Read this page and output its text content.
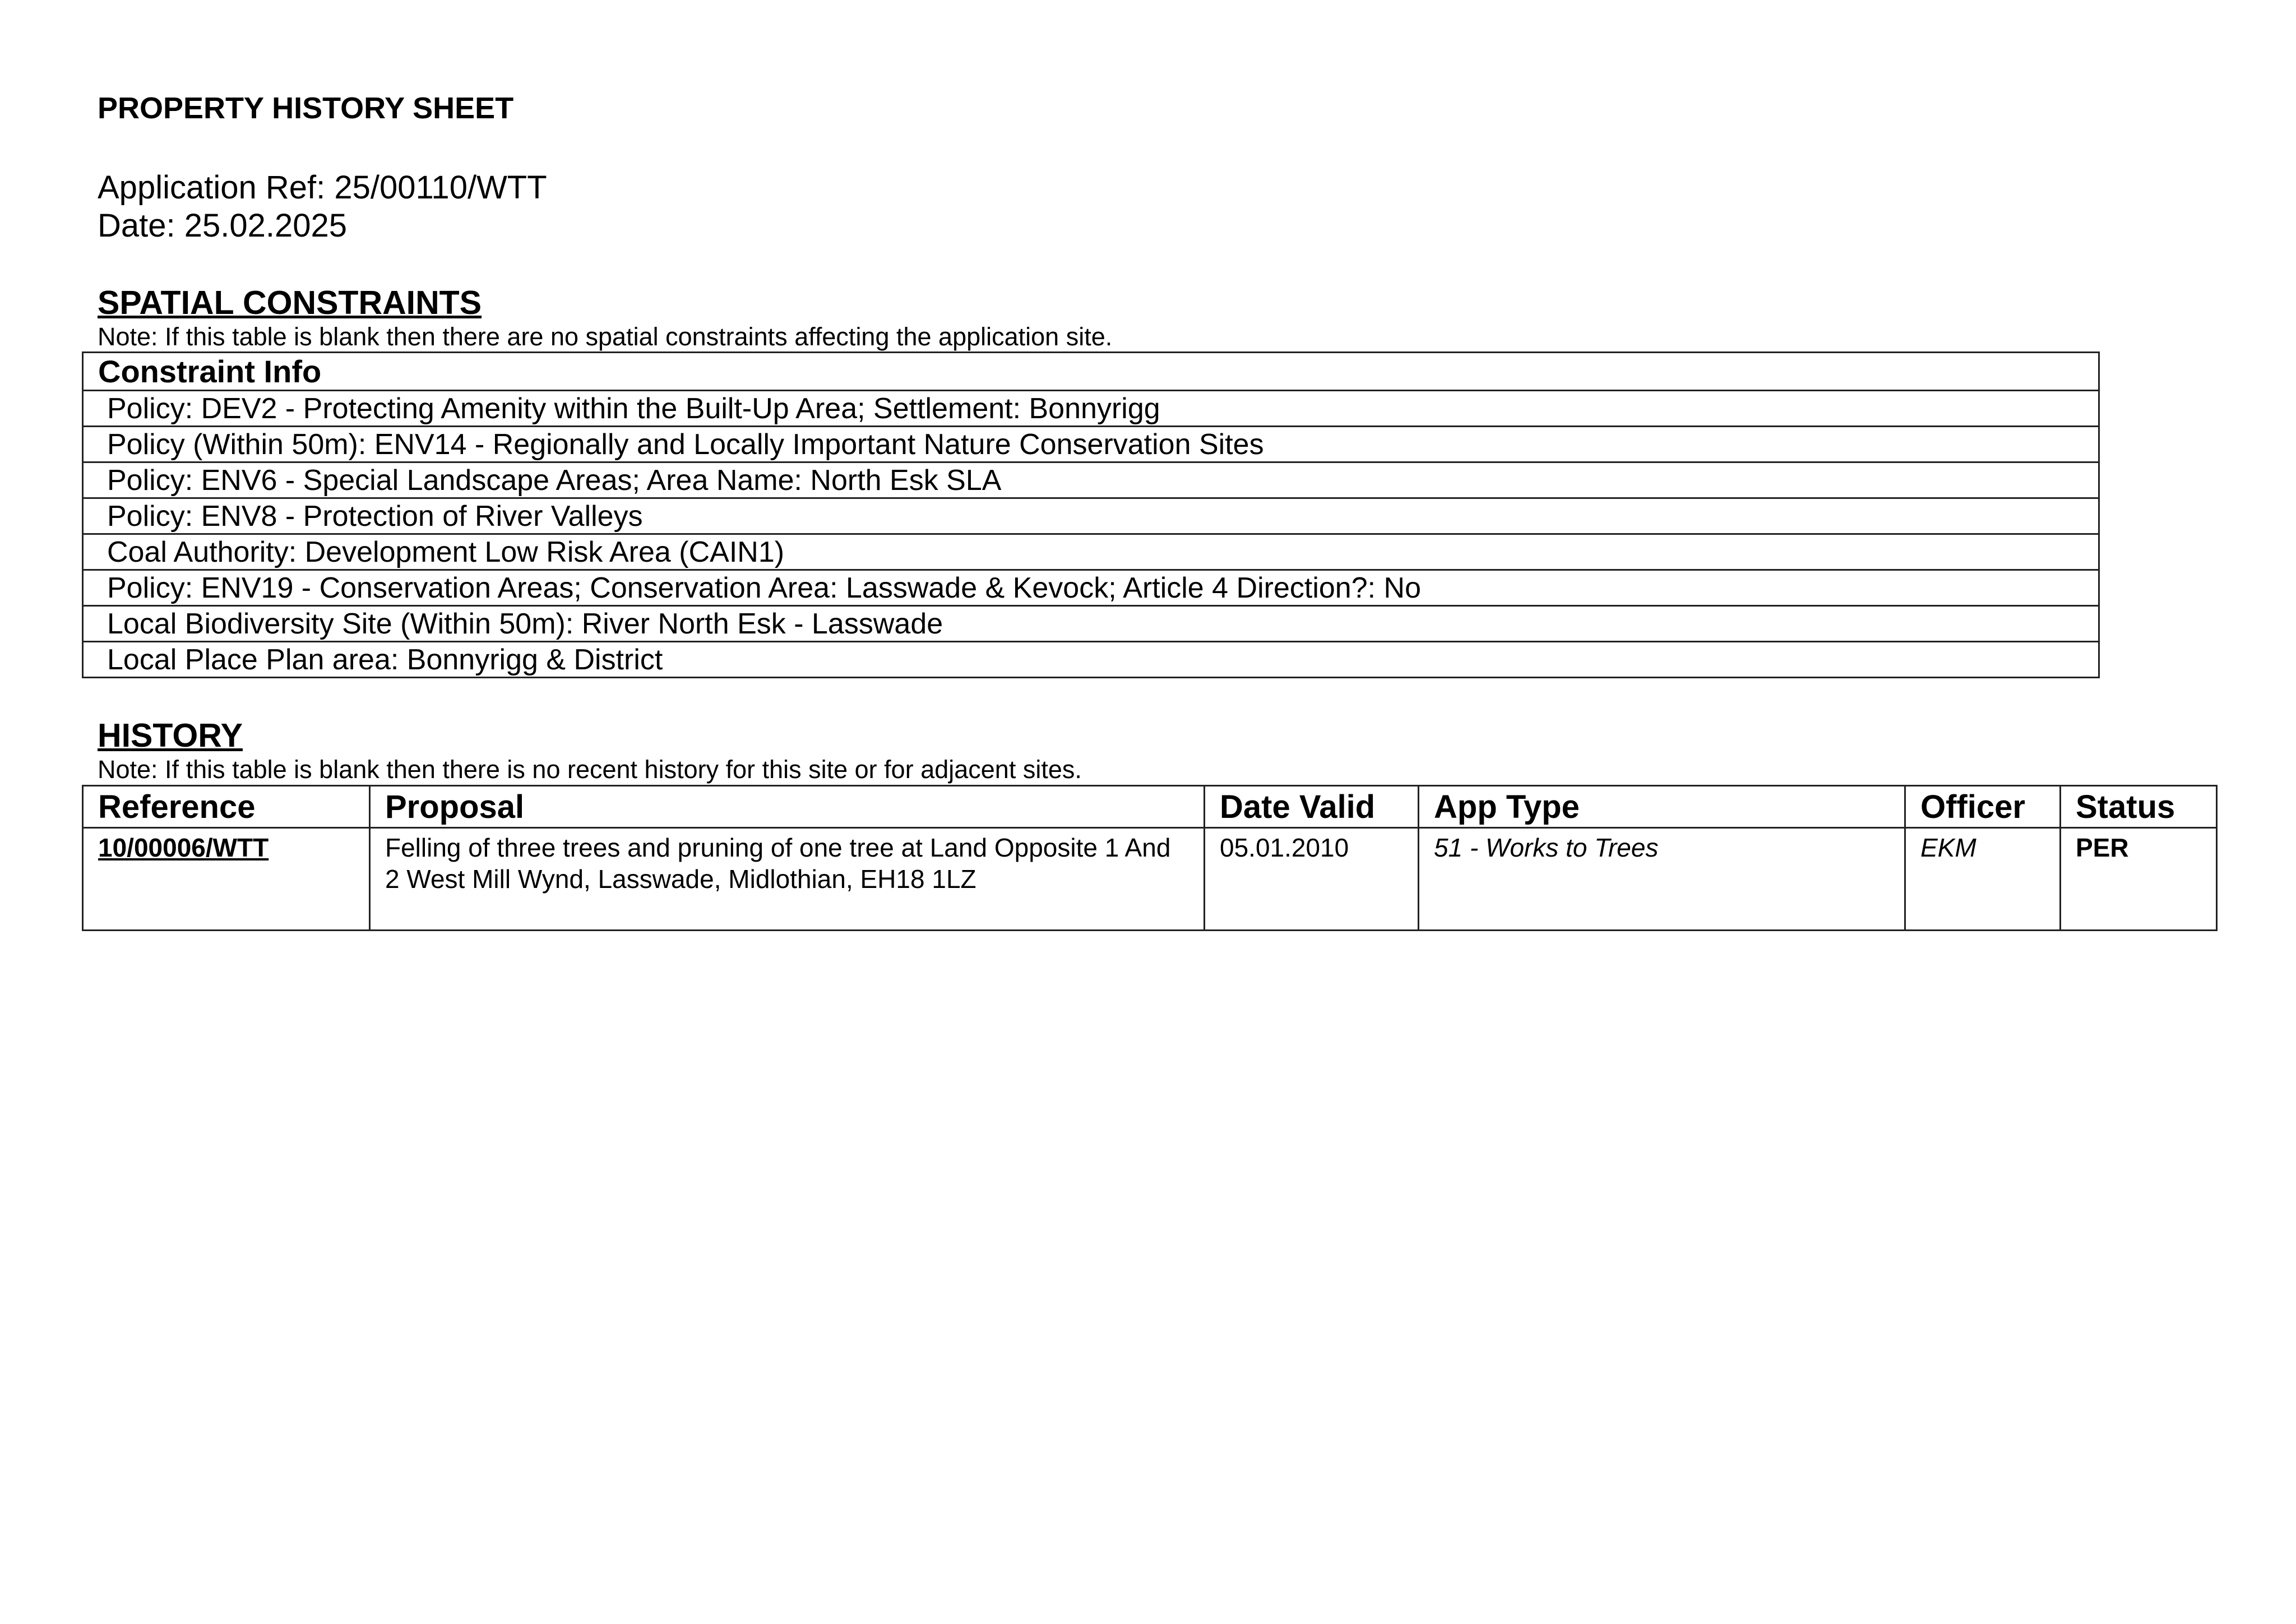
PROPERTY HISTORY SHEET

Application Ref: 25/00110/WTT

Date: 25.02.2025

SPATIAL CONSTRAINTS

Note: If this table is blank then there are no spatial constraints affecting the application site.

Constraint Info
Policy: DEV2 - Protecting Amenity within the Built-Up Area; Settlement: Bonnyrigg
Policy (Within 50m): ENV14 - Regionally and Locally Important Nature Conservation Sites
Policy: ENV6 - Special Landscape Areas; Area Name: North Esk SLA
Policy: ENV8 - Protection of River Valleys
Coal Authority: Development Low Risk Area (CAIN1)
Policy: ENV19 - Conservation Areas; Conservation Area: Lasswade & Kevock; Article 4 Direction?: No
Local Biodiversity Site (Within 50m): River North Esk - Lasswade
Local Place Plan area: Bonnyrigg & District
HISTORY

Note: If this table is blank then there is no recent history for this site or for adjacent sites.

Reference	Proposal	Date Valid	App Type	Officer	Status
10/00006/WTT	Felling of three trees and pruning of one tree at Land Opposite 1 And 2 West Mill Wynd, Lasswade, Midlothian, EH18 1LZ	05.01.2010	51 - Works to Trees	EKM	PER
